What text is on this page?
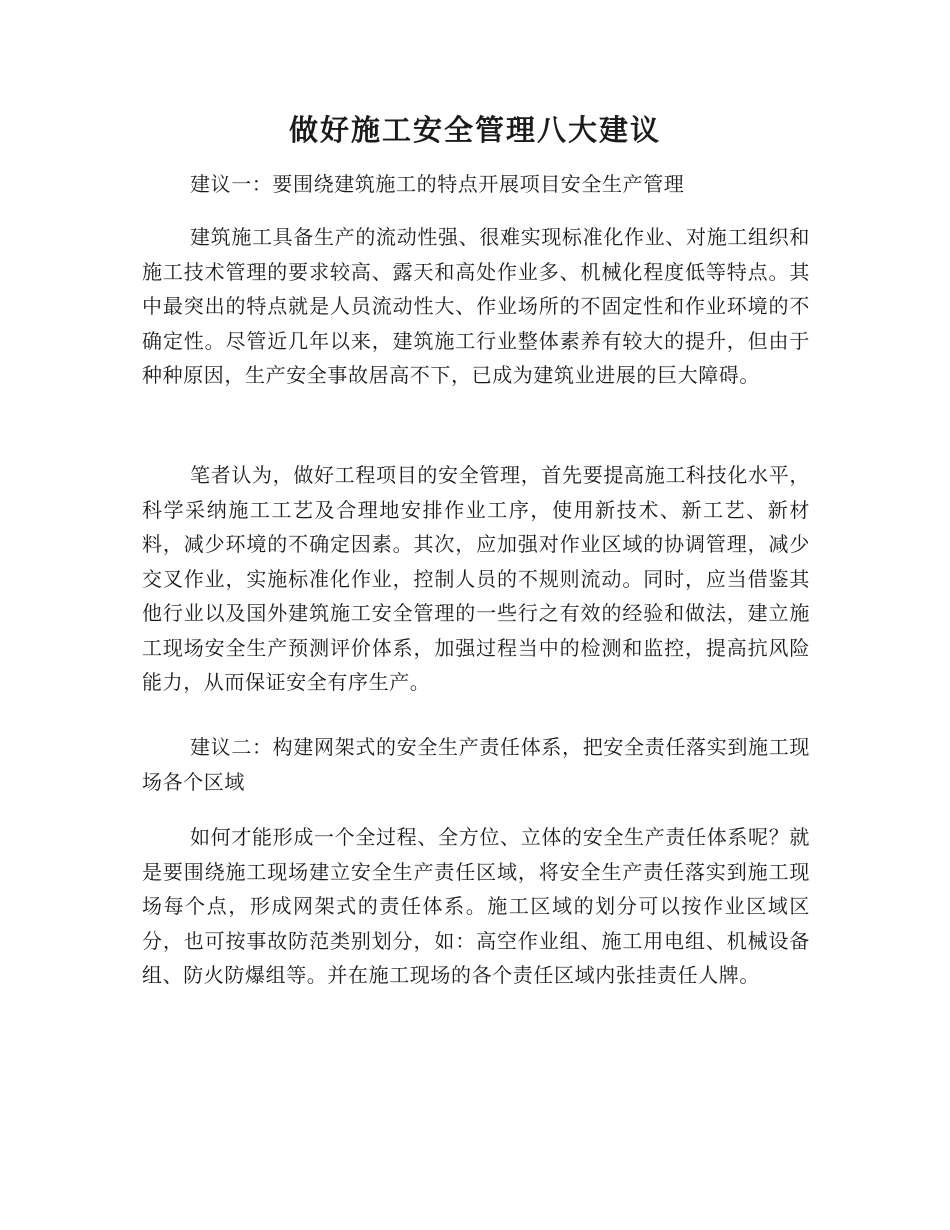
做好施工安全管理八大建议

建议一：要围绕建筑施工的特点开展项目安全生产管理

建筑施工具备生产的流动性强、很难实现标准化作业、对施工组织和施工技术管理的要求较高、露天和高处作业多、机械化程度低等特点。其中最突出的特点就是人员流动性大、作业场所的不固定性和作业环境的不确定性。尽管近几年以来，建筑施工行业整体素养有较大的提升，但由于种种原因，生产安全事故居高不下，已成为建筑业进展的巨大障碍。

笔者认为，做好工程项目的安全管理，首先要提高施工科技化水平，科学采纳施工工艺及合理地安排作业工序，使用新技术、新工艺、新材料，减少环境的不确定因素。其次，应加强对作业区域的协调管理，减少交叉作业，实施标准化作业，控制人员的不规则流动。同时，应当借鉴其他行业以及国外建筑施工安全管理的一些行之有效的经验和做法，建立施工现场安全生产预测评价体系，加强过程当中的检测和监控，提高抗风险能力，从而保证安全有序生产。

建议二：构建网架式的安全生产责任体系，把安全责任落实到施工现场各个区域

如何才能形成一个全过程、全方位、立体的安全生产责任体系呢？就是要围绕施工现场建立安全生产责任区域，将安全生产责任落实到施工现场每个点，形成网架式的责任体系。施工区域的划分可以按作业区域区分，也可按事故防范类别划分，如：高空作业组、施工用电组、机械设备组、防火防爆组等。并在施工现场的各个责任区域内张挂责任人牌。
